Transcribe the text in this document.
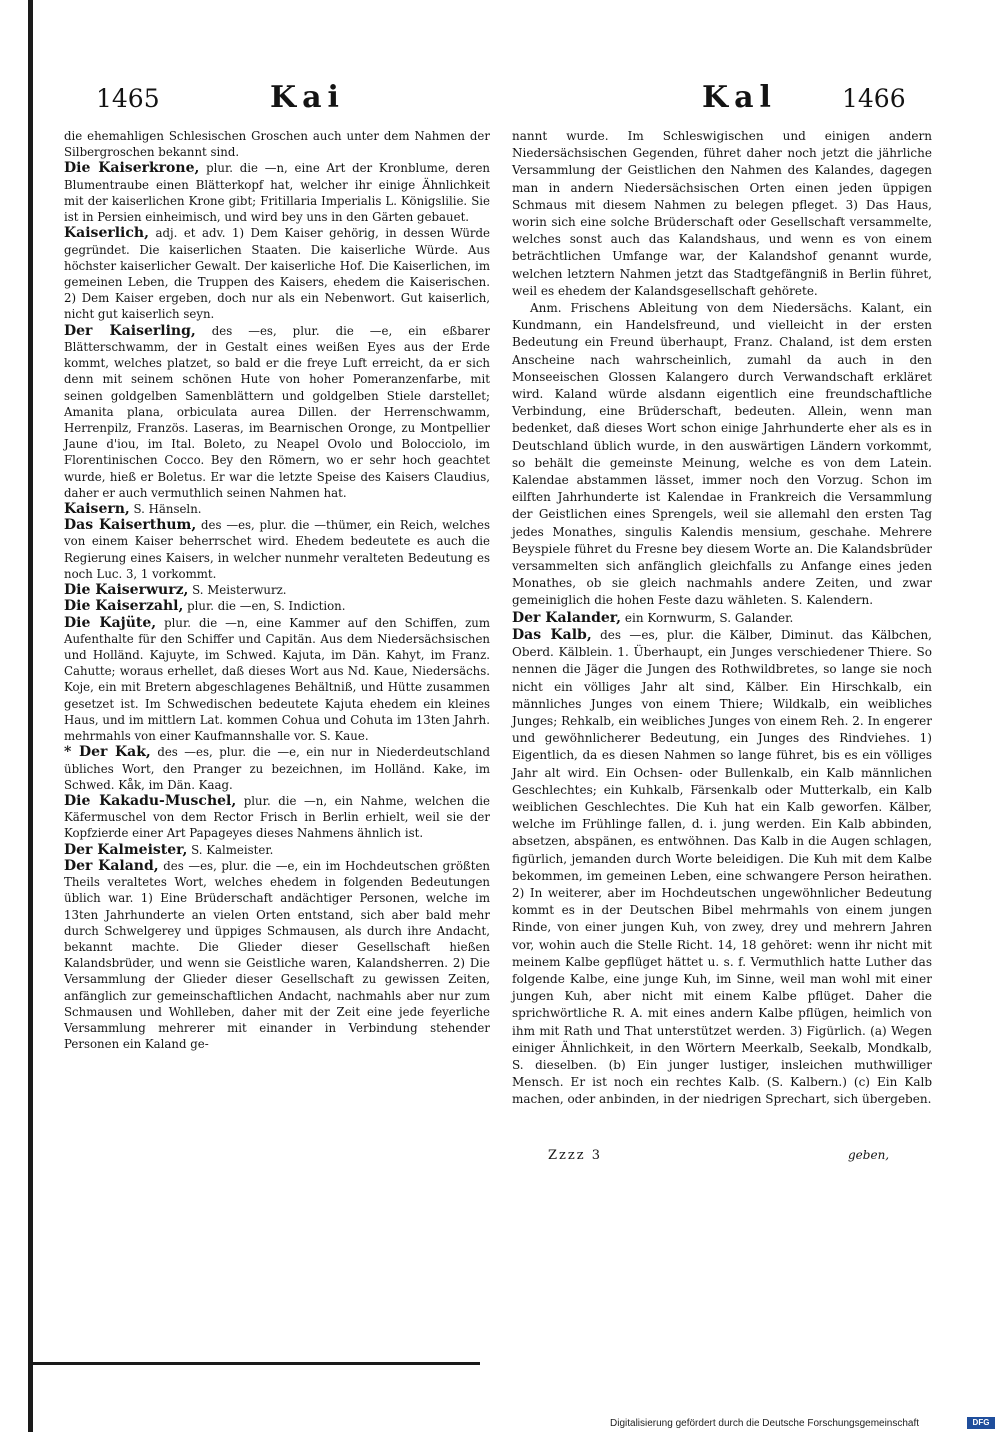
1465	Kai	Kal	1466

die ehemahligen Schlesischen Groschen auch unter dem Nahmen der Silbergroschen bekannt sind.

Die Kaiserkrone, plur. die —n, eine Art der Kronblume, deren Blumentraube einen Blätterkopf hat, welcher ihr einige Ähnlichkeit mit der kaiserlichen Krone gibt; Fritillaria Imperialis L. Königslilie. Sie ist in Persien einheimisch, und wird bey uns in den Gärten gebauet.

Kaiserlich, adj. et adv. 1) Dem Kaiser gehörig, in dessen Würde gegründet. Die kaiserlichen Staaten. Die kaiserliche Würde. Aus höchster kaiserlicher Gewalt. Der kaiserliche Hof. Die Kaiserlichen, im gemeinen Leben, die Truppen des Kaisers, ehedem die Kaiserischen. 2) Dem Kaiser ergeben, doch nur als ein Nebenwort. Gut kaiserlich, nicht gut kaiserlich seyn.

Der Kaiserling, des —es, plur. die —e, ein eßbarer Blätterschwamm, der in Gestalt eines weißen Eyes aus der Erde kommt, welches platzet, so bald er die freye Luft erreicht, da er sich denn mit seinem schönen Hute von hoher Pomeranzenfarbe, mit seinen goldgelben Samenblättern und goldgelben Stiele darstellet; Amanita plana, orbiculata aurea Dillen. der Herrenschwamm, Herrenpilz, Französ. Laseras, im Bearnischen Oronge, zu Montpellier Jaune d'iou, im Ital. Boleto, zu Neapel Ovolo und Bolocciolo, im Florentinischen Cocco. Bey den Römern, wo er sehr hoch geachtet wurde, hieß er Boletus. Er war die letzte Speise des Kaisers Claudius, daher er auch vermuthlich seinen Nahmen hat.

Kaisern, S. Hänseln.

Das Kaiserthum, des —es, plur. die —thümer, ein Reich, welches von einem Kaiser beherrschet wird. Ehedem bedeutete es auch die Regierung eines Kaisers, in welcher nunmehr veralteten Bedeutung es noch Luc. 3, 1 vorkommt.

Die Kaiserwurz, S. Meisterwurz.

Die Kaiserzahl, plur. die —en, S. Indiction.

Die Kajüte, plur. die —n, eine Kammer auf den Schiffen, zum Aufenthalte für den Schiffer und Capitän. Aus dem Niedersächsischen und Holländ. Kajuyte, im Schwed. Kajuta, im Dän. Kahyt, im Franz. Cahutte; woraus erhellet, daß dieses Wort aus Nd. Kaue, Niedersächs. Koje, ein mit Bretern abgeschlagenes Behältniß, und Hütte zusammen gesetzet ist. Im Schwedischen bedeutete Kajuta ehedem ein kleines Haus, und im mittlern Lat. kommen Cohua und Cohuta im 13ten Jahrh. mehrmahls von einer Kaufmannshalle vor. S. Kaue.

* Der Kak, des —es, plur. die —e, ein nur in Niederdeutschland übliches Wort, den Pranger zu bezeichnen, im Holländ. Kake, im Schwed. Kåk, im Dän. Kaag.

Die Kakadu-Muschel, plur. die —n, ein Nahme, welchen die Käfermuschel von dem Rector Frisch in Berlin erhielt, weil sie der Kopfzierde einer Art Papageyes dieses Nahmens ähnlich ist.

Der Kalmeister, S. Kalmeister.

Der Kaland, des —es, plur. die —e, ein im Hochdeutschen größten Theils veraltetes Wort, welches ehedem in folgenden Bedeutungen üblich war. 1) Eine Brüderschaft andächtiger Personen, welche im 13ten Jahrhunderte an vielen Orten entstand, sich aber bald mehr durch Schwelgerey und üppiges Schmausen, als durch ihre Andacht, bekannt machte. Die Glieder dieser Gesellschaft hießen Kalandsbrüder, und wenn sie Geistliche waren, Kalandsherren. 2) Die Versammlung der Glieder dieser Gesellschaft zu gewissen Zeiten, anfänglich zur gemeinschaftlichen Andacht, nachmahls aber nur zum Schmausen und Wohlleben, daher mit der Zeit eine jede feyerliche Versammlung mehrerer mit einander in Verbindung stehender Personen ein Kaland ge-

nannt wurde. Im Schleswigischen und einigen andern Niedersächsischen Gegenden, führet daher noch jetzt die jährliche Versammlung der Geistlichen den Nahmen des Kalandes, dagegen man in andern Niedersächsischen Orten einen jeden üppigen Schmaus mit diesem Nahmen zu belegen pfleget. 3) Das Haus, worin sich eine solche Brüderschaft oder Gesellschaft versammelte, welches sonst auch das Kalandshaus, und wenn es von einem beträchtlichen Umfange war, der Kalandshof genannt wurde, welchen letztern Nahmen jetzt das Stadtgefängniß in Berlin führet, weil es ehedem der Kalandsgesellschaft gehörete.

Anm. Frischens Ableitung von dem Niedersächs. Kalant, ein Kundmann, ein Handelsfreund, und vielleicht in der ersten Bedeutung ein Freund überhaupt, Franz. Chaland, ist dem ersten Anscheine nach wahrscheinlich, zumahl da auch in den Monseeischen Glossen Kalangero durch Verwandschaft erkläret wird. Kaland würde alsdann eigentlich eine freundschaftliche Verbindung, eine Brüderschaft, bedeuten. Allein, wenn man bedenket, daß dieses Wort schon einige Jahrhunderte eher als es in Deutschland üblich wurde, in den auswärtigen Ländern vorkommt, so behält die gemeinste Meinung, welche es von dem Latein. Kalendae abstammen lässet, immer noch den Vorzug. Schon im eilften Jahrhunderte ist Kalendae in Frankreich die Versammlung der Geistlichen eines Sprengels, weil sie allemahl den ersten Tag jedes Monathes, singulis Kalendis mensium, geschahe. Mehrere Beyspiele führet du Fresne bey diesem Worte an. Die Kalandsbrüder versammelten sich anfänglich gleichfalls zu Anfange eines jeden Monathes, ob sie gleich nachmahls andere Zeiten, und zwar gemeiniglich die hohen Feste dazu wähleten. S. Kalendern.

Der Kalander, ein Kornwurm, S. Galander.

Das Kalb, des —es, plur. die Kälber, Diminut. das Kälbchen, Oberd. Kälblein. 1. Überhaupt, ein Junges verschiedener Thiere. So nennen die Jäger die Jungen des Rothwildbretes, so lange sie noch nicht ein völliges Jahr alt sind, Kälber. Ein Hirschkalb, ein männliches Junges von einem Thiere; Wildkalb, ein weibliches Junges; Rehkalb, ein weibliches Junges von einem Reh. 2. In engerer und gewöhnlicherer Bedeutung, ein Junges des Rindviehes. 1) Eigentlich, da es diesen Nahmen so lange führet, bis es ein völliges Jahr alt wird. Ein Ochsen- oder Bullenkalb, ein Kalb männlichen Geschlechtes; ein Kuhkalb, Färsenkalb oder Mutterkalb, ein Kalb weiblichen Geschlechtes. Die Kuh hat ein Kalb geworfen. Kälber, welche im Frühlinge fallen, d. i. jung werden. Ein Kalb abbinden, absetzen, abspänen, es entwöhnen. Das Kalb in die Augen schlagen, figürlich, jemanden durch Worte beleidigen. Die Kuh mit dem Kalbe bekommen, im gemeinen Leben, eine schwangere Person heirathen. 2) In weiterer, aber im Hochdeutschen ungewöhnlicher Bedeutung kommt es in der Deutschen Bibel mehrmahls von einem jungen Rinde, von einer jungen Kuh, von zwey, drey und mehrern Jahren vor, wohin auch die Stelle Richt. 14, 18 gehöret: wenn ihr nicht mit meinem Kalbe gepflüget hättet u. s. f. Vermuthlich hatte Luther das folgende Kalbe, eine junge Kuh, im Sinne, weil man wohl mit einer jungen Kuh, aber nicht mit einem Kalbe pflüget. Daher die sprichwörtliche R. A. mit eines andern Kalbe pflügen, heimlich von ihm mit Rath und That unterstützet werden. 3) Figürlich. (a) Wegen einiger Ähnlichkeit, in den Wörtern Meerkalb, Seekalb, Mondkalb, S. dieselben. (b) Ein junger lustiger, insleichen muthwilliger Mensch. Er ist noch ein rechtes Kalb. (S. Kalbern.) (c) Ein Kalb machen, oder anbinden, in der niedrigen Sprechart, sich übergeben.

Zzzz 3	geben,
Digitalisierung gefördert durch die Deutsche Forschungsgemeinschaft	DFG
